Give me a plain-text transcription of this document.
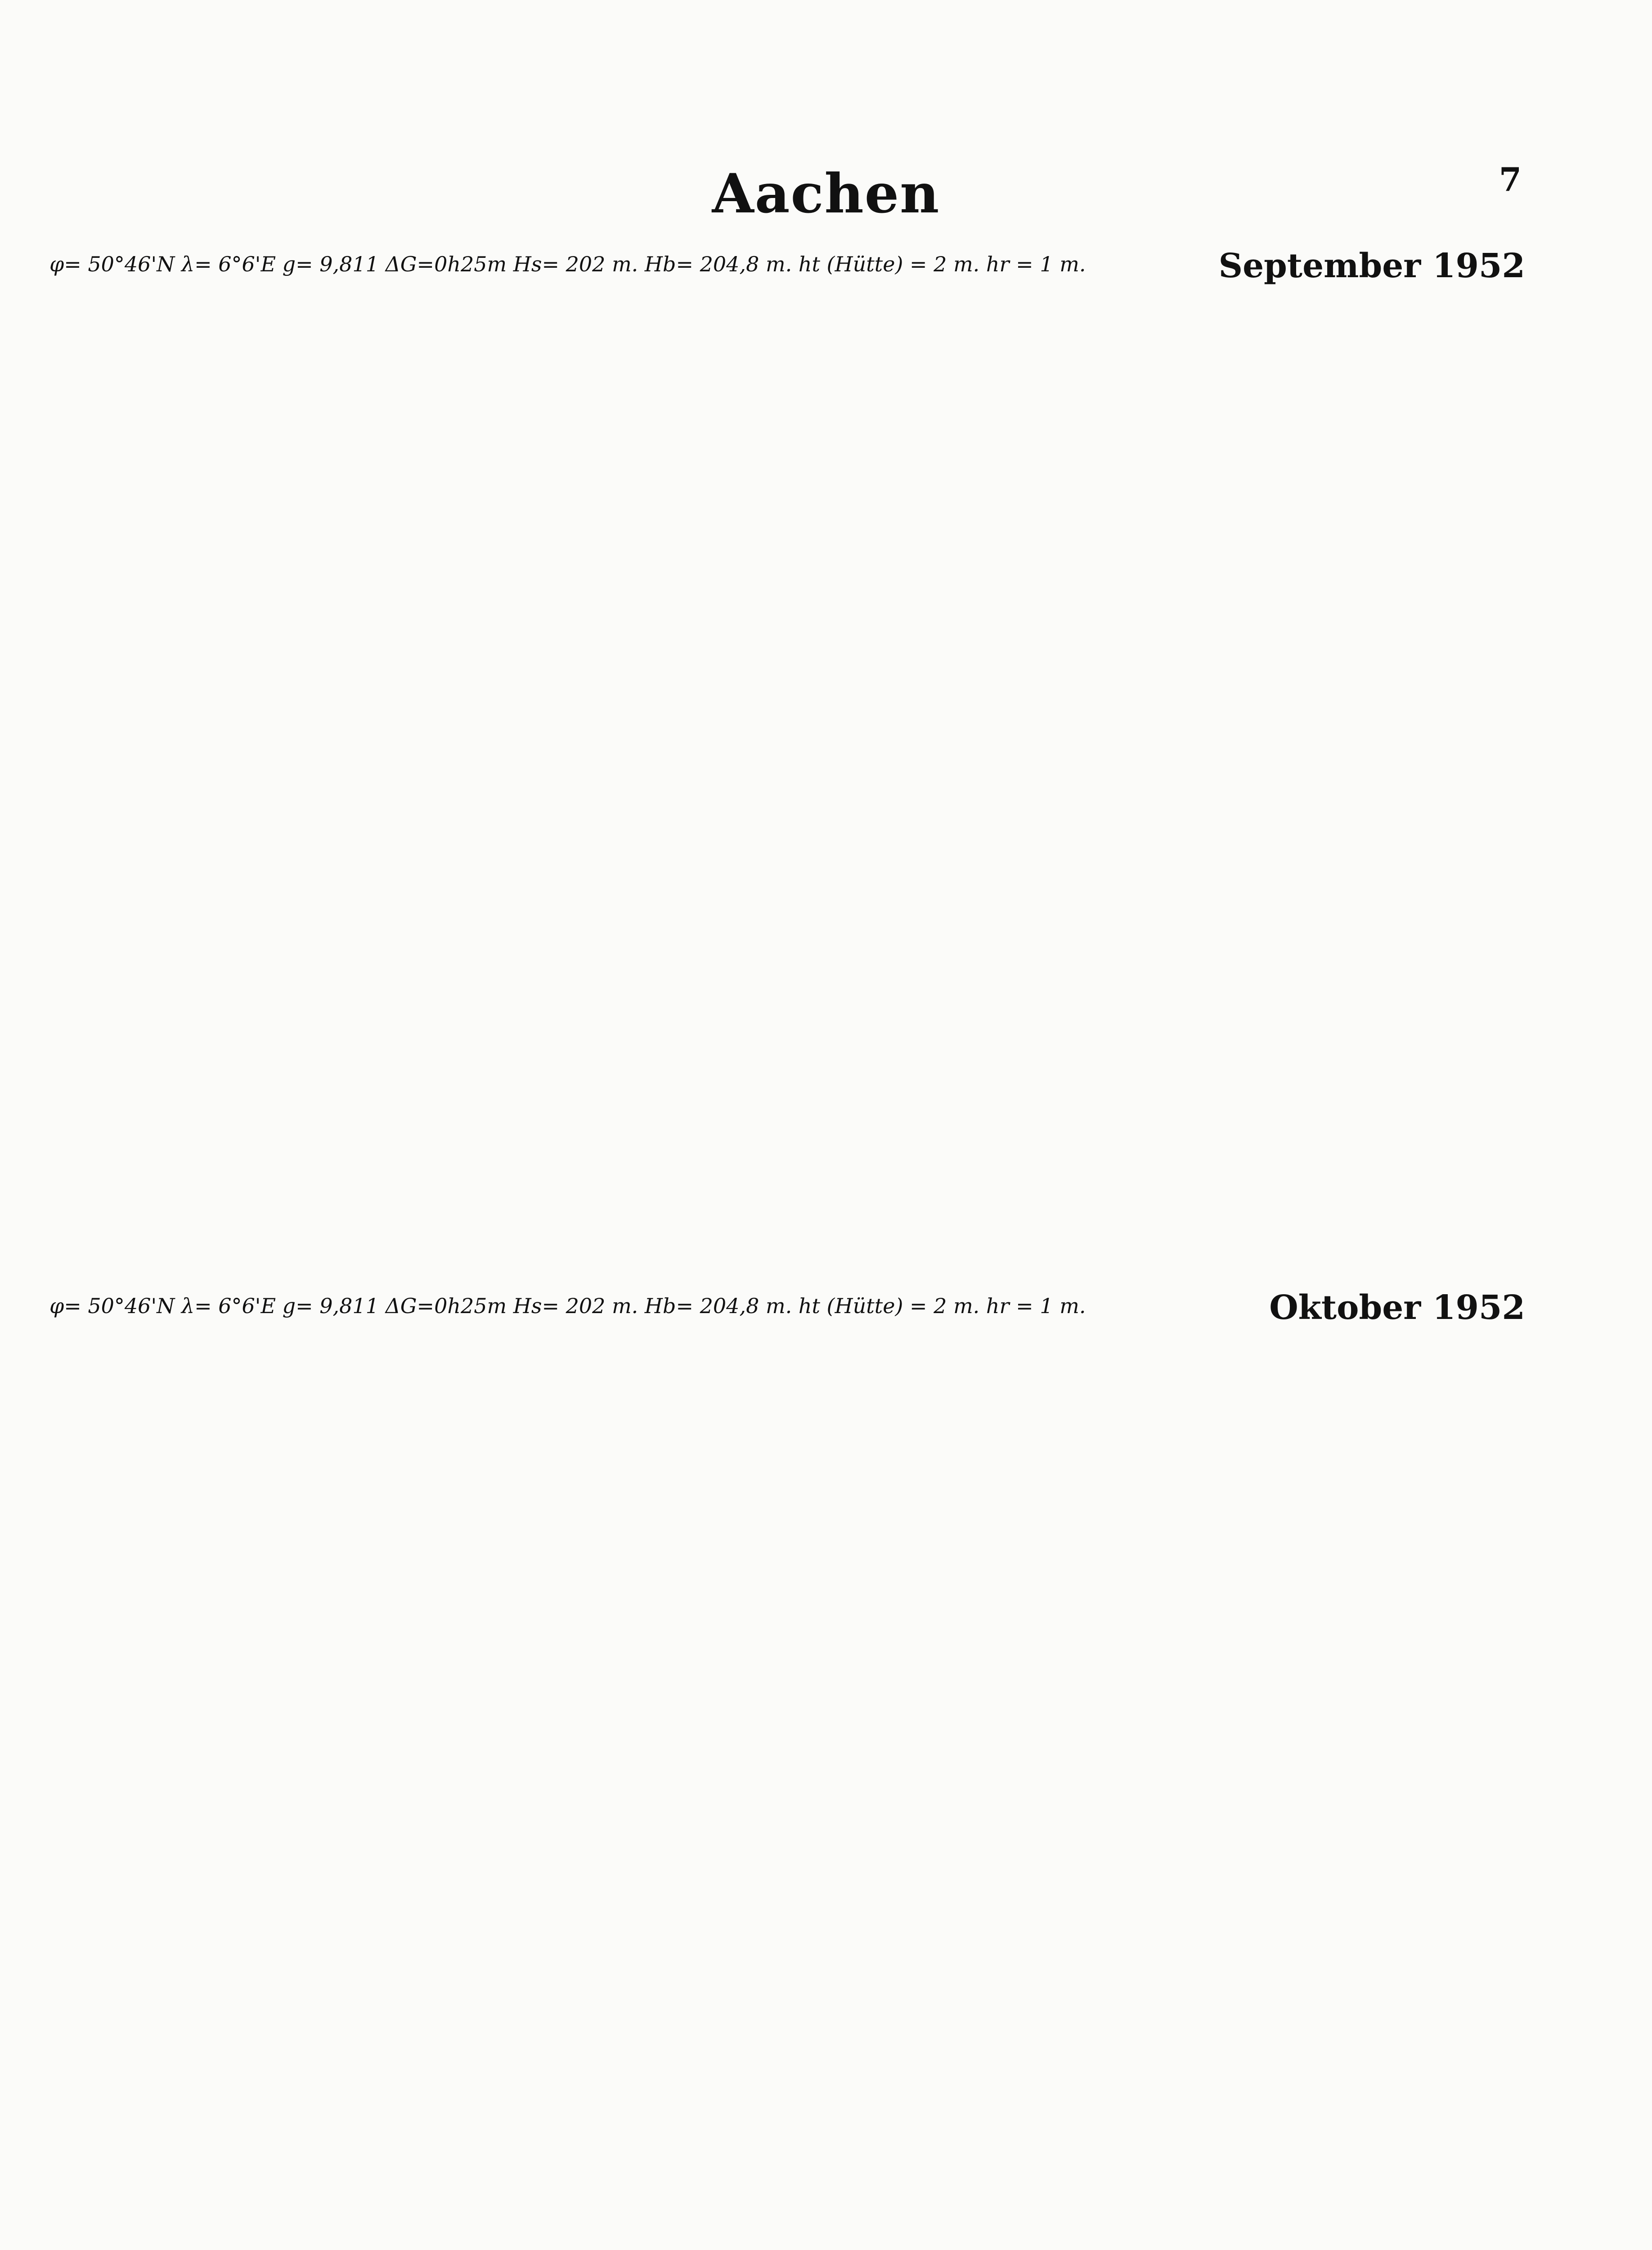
Aachen	7
φ= 50°46'N λ= 6°6'E g= 9,811 ΔG=0h25m Hs= 202 m. Hb= 204,8 m. ht (Hütte) = 2 m. hr = 1 m.	September 1952
φ= 50°46'N λ= 6°6'E g= 9,811 ΔG=0h25m Hs= 202 m. Hb= 204,8 m. ht (Hütte) = 2 m. hr = 1 m.	Oktober 1952
